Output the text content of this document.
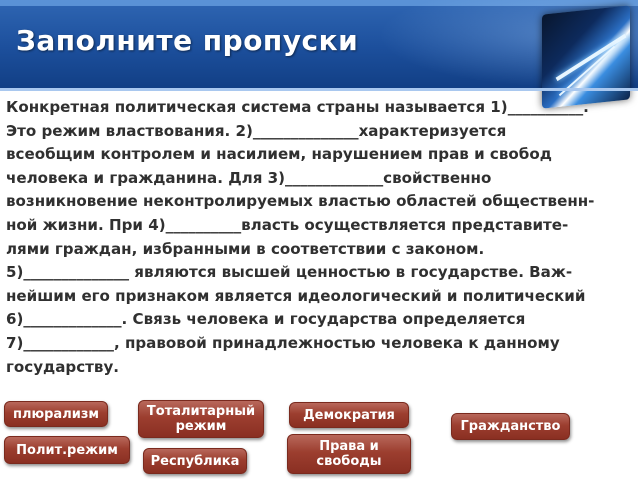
Заполните пропуски
Конкретная политическая система страны называется 1)__________.
Это режим властвования. 2)______________характеризуется
всеобщим контролем и насилием, нарушением прав и свобод
человека и гражданина. Для 3)_____________свойственно
возникновение неконтролируемых властью областей общественн-
ной жизни. При 4)__________власть осуществляется представите-
лями граждан, избранными в соответствии с законом.
5)______________ являются высшей ценностью в государстве. Важ-
нейшим его признаком является идеологический и политический
6)_____________. Связь человека и государства определяется
7)____________, правовой принадлежностью человека к данному
государству.
плюрализм	Тоталитарный режим
Демократия
Гражданство
Полит.режим
Республика
Права и свободы
